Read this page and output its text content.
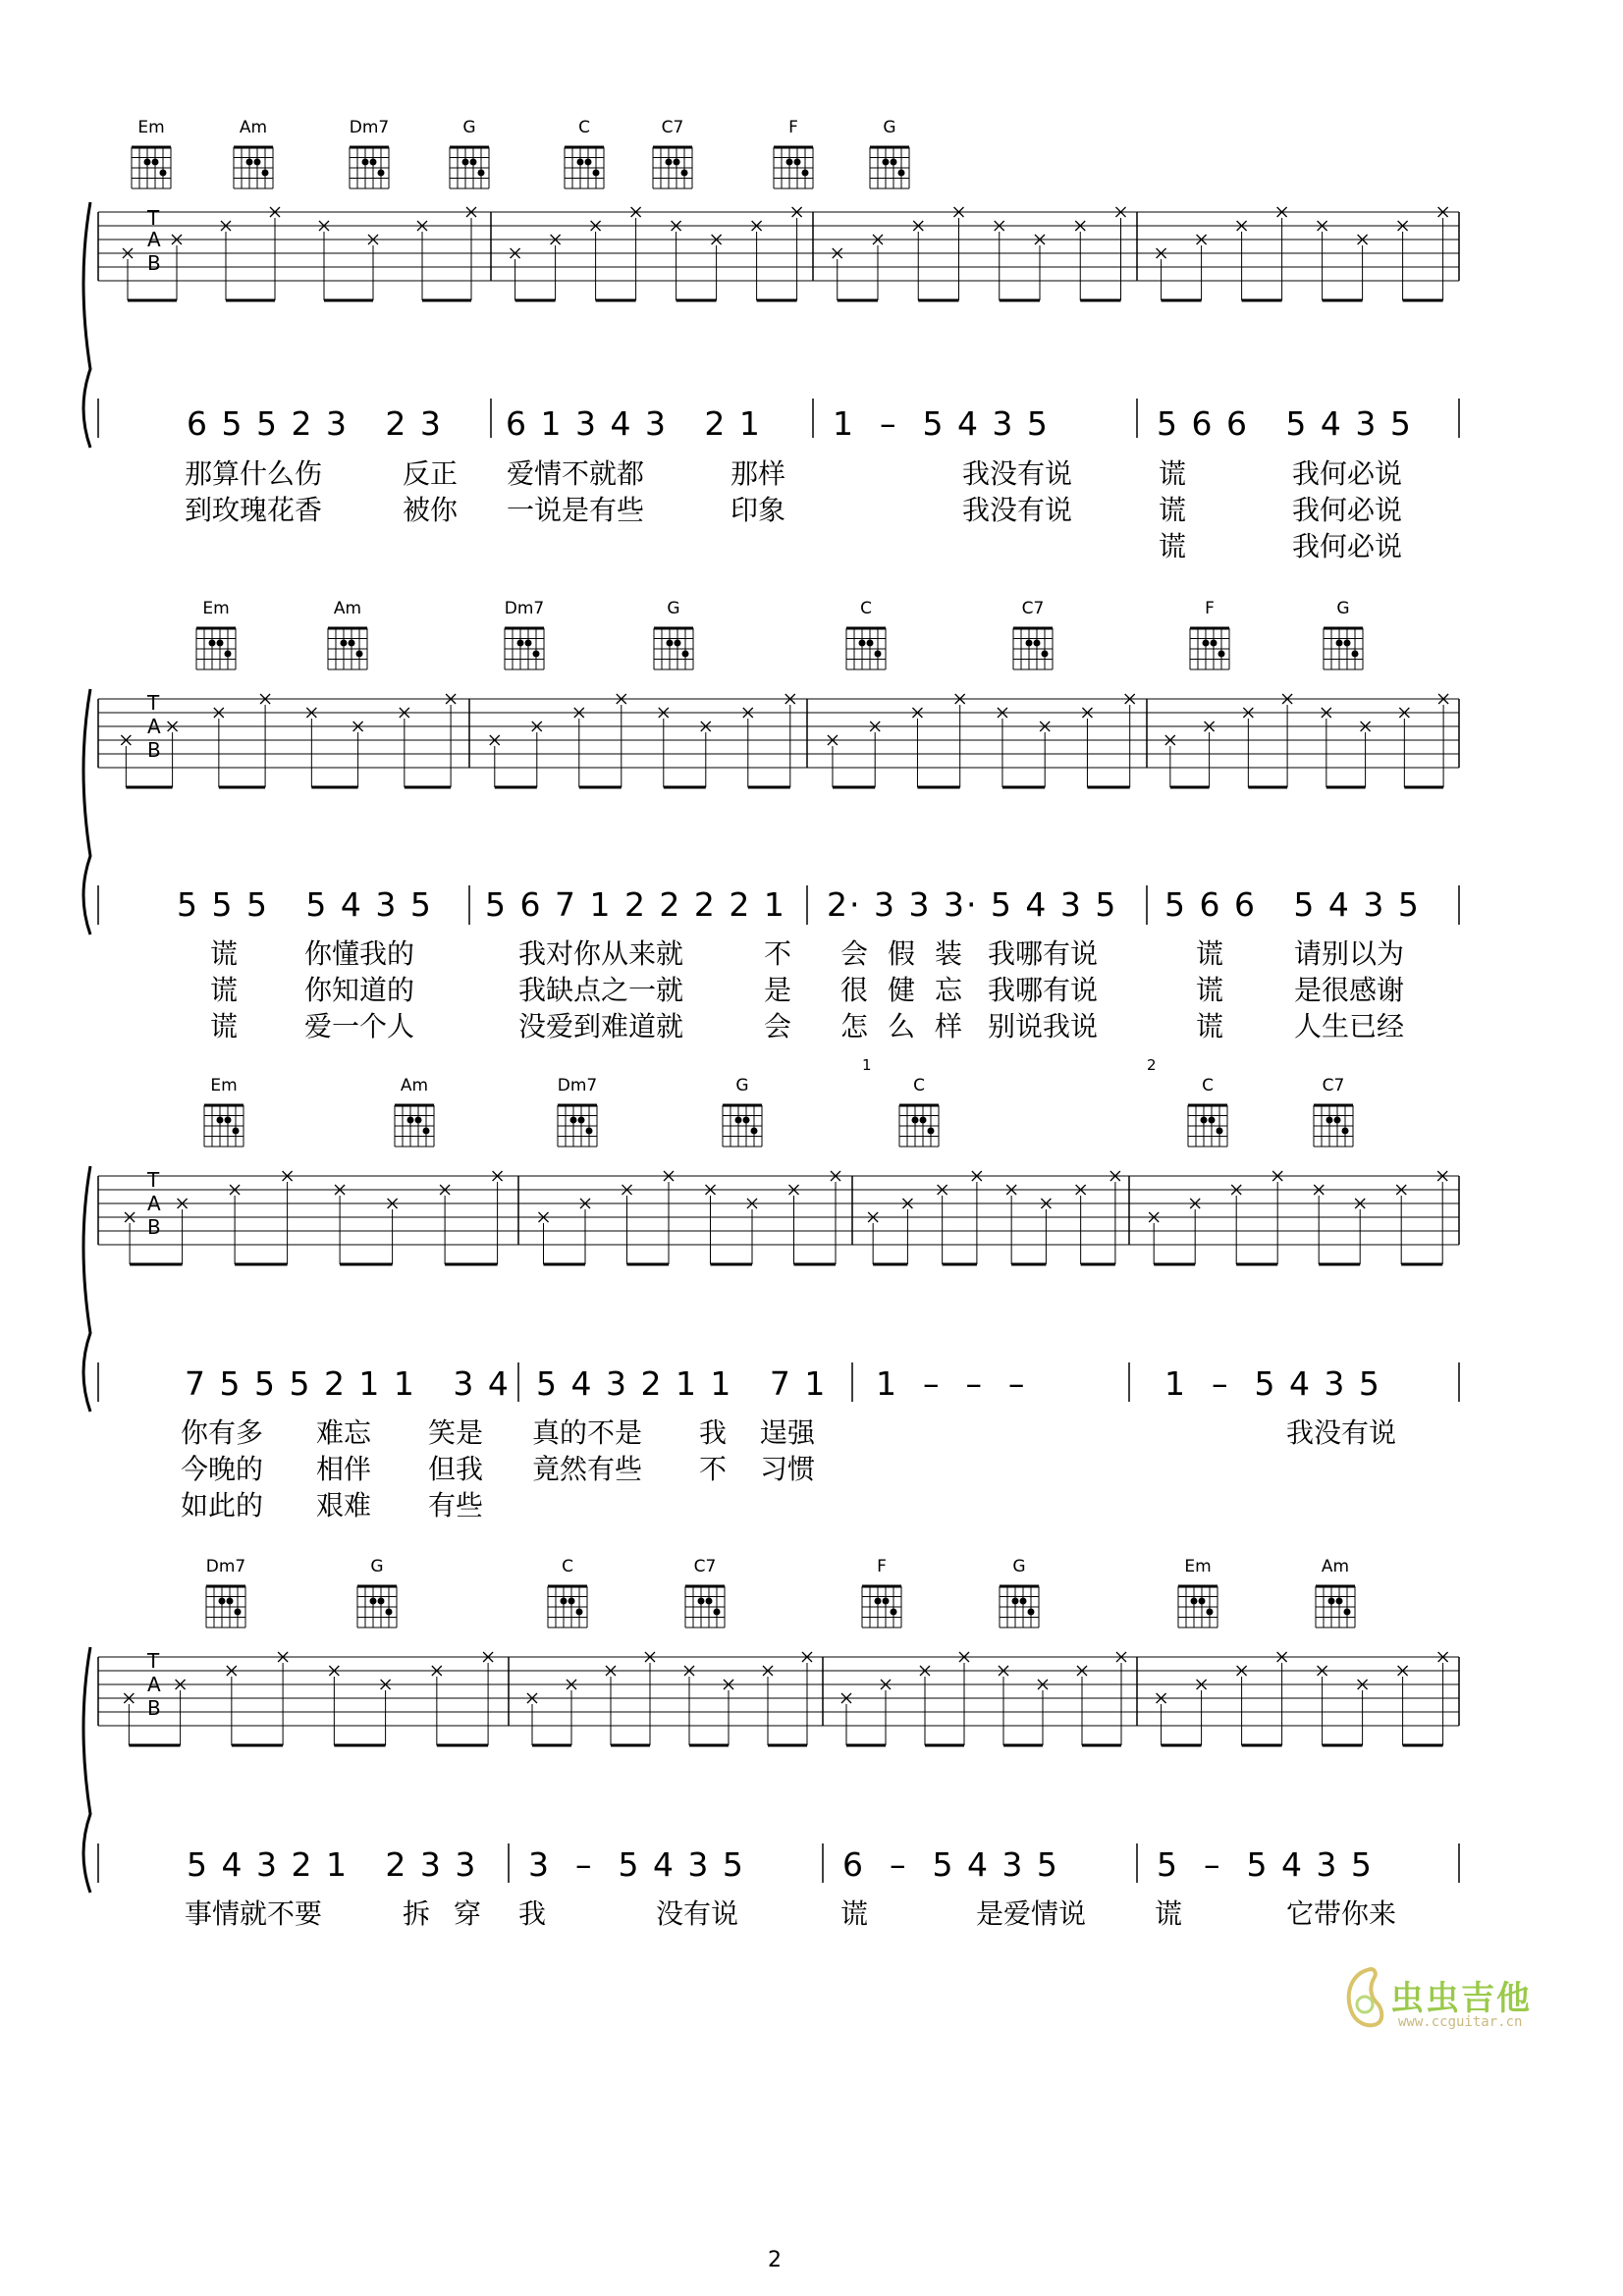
Em	Am	Dm7	G	C	C7	F	G
T
A
B
6 5 5 2 3   2 3 6 1 3 4 3   2 1 1  –  5 4 3 5	5 6 6   5 4 3 5
那算什么伤	反正 爱情不就都	那样	我没有说	谎	我何必说
到玫瑰花香	被你 一说是有些	印象	我没有说	谎	我何必说
谎	我何必说
Em	Am	Dm7	G	C	C7	F	G
T
A
B
5 5 5   5 4 3 5 5 6 7 1 2 2 2 2 1 2· 3 3 3· 5 4 3 5 5 6 6   5 4 3 5
谎 你懂我的	我对你从来就	不 会 假 装 我哪有说	谎	请别以为
谎 你知道的	我缺点之一就	是 很 健 忘 我哪有说	谎	是很感谢
谎 爱一个人	没爱到难道就	会 怎 么 样 别说我说	谎	人生已经
1	2
Em	Am	Dm7	G	C	C	C7
T
A
B
7 5 5 5 2 1 1   3 4 5 4 3 2 1 1   7 1 1  –  –  –	1  –  5 4 3 5
你有多 难忘 笑是 真的不是 我 逞强	我没有说
今晚的 相伴 但我 竟然有些 不 习惯
如此的 艰难 有些
Dm7	G	C	C7	F	G	Em	Am
T
A
B
5 4 3 2 1   2 3 3 3  –  5 4 3 5	6  –  5 4 3 5	5  –  5 4 3 5
事情就不要	拆 穿 我	没有说	谎	是爱情说 谎	它带你来
虫虫吉他
www.ccguitar.cn
2
